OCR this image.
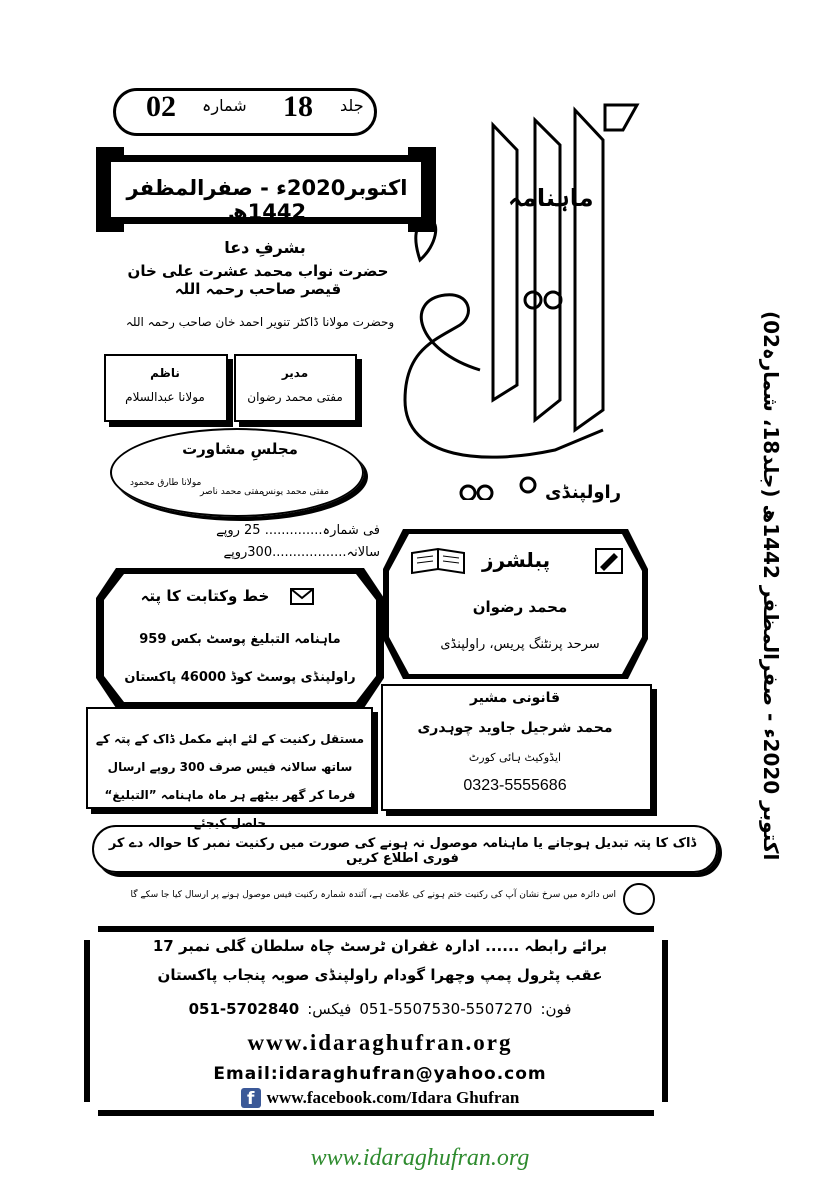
02	شمارہ	18	جلد
اکتوبر2020ء - صفرالمظفر 1442ھ	ماہنامہ
راولپنڈی
بشرفِ دعا
حضرت نواب محمد عشرت علی خان قیصر صاحب رحمہ اللہ
وحضرت مولانا ڈاکٹر تنویر احمد خان صاحب رحمہ اللہ
مدیر
مفتی محمد رضوان
ناظم
مولانا عبدالسلام
مجلسِ مشاورت
مفتی محمد یونس
مفتی محمد ناصر
مولانا طارق محمود
فی شمارہ.............. 25 روپے
سالانہ..................300روپے
خط وکتابت کا پتہ
ماہنامہ التبلیغ پوسٹ بکس 959
راولپنڈی پوسٹ کوڈ 46000 پاکستان
پبلشرز
محمد رضوان
سرحد پرنٹنگ پریس، راولپنڈی
قانونی مشیر
محمد شرجیل جاوید چوہدری
ایڈوکیٹ ہائی کورٹ
0323-5555686
مستقل رکنیت کے لئے اپنے مکمل ڈاک کے پتہ کے ساتھ سالانہ فیس صرف 300 روپے ارسال فرما کر گھر بیٹھے ہر ماہ ماہنامہ ”التبلیغ“ حاصل کیجئے
ڈاک کا پتہ تبدیل ہوجانے یا ماہنامہ موصول نہ ہونے کی صورت میں رکنیت نمبر کا حوالہ دے کر فوری اطلاع کریں
اس دائرہ میں سرخ نشان آپ کی رکنیت ختم ہونے کی علامت ہے، آئندہ شمارہ رکنیت فیس موصول ہونے پر ارسال کیا جا سکے گا
برائے رابطہ ...... ادارہ غفران ٹرسٹ چاہ سلطان گلی نمبر 17
عقب پٹرول پمپ وچھرا گودام راولپنڈی صوبہ پنجاب پاکستان
فون:
051-5507530-5507270
فیکس:
051-5702840
www.idaraghufran.org
Email:idaraghufran@yahoo.com
f www.facebook.com/Idara Ghufran
اکتوبر 2020ء - صفرالمظفر 1442ھ (جلد18، شمارہ02)
www.idaraghufran.org
